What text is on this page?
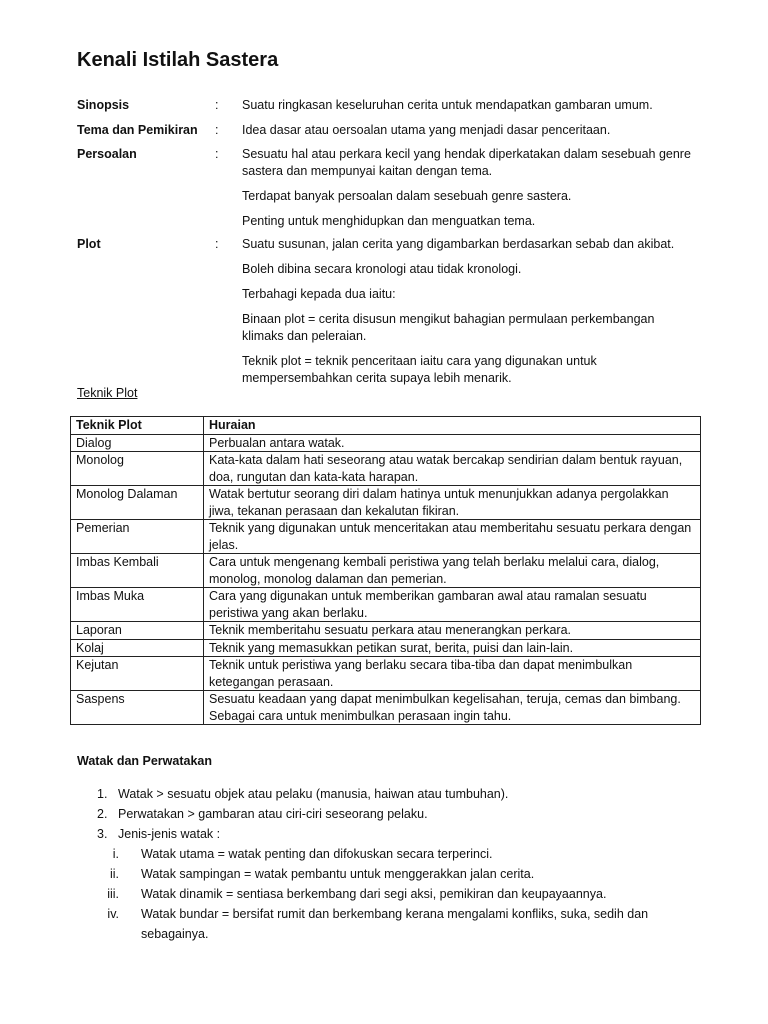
Kenali Istilah Sastera
Sinopsis	: Suatu ringkasan keseluruhan cerita untuk mendapatkan gambaran umum.

Tema dan Pemikiran : Idea dasar atau oersoalan utama yang menjadi dasar penceritaan.

Persoalan	: Sesuatu hal atau perkara kecil yang hendak diperkatakan dalam sesebuah genre sastera dan mempunyai kaitan dengan tema.

Terdapat banyak persoalan dalam sesebuah genre sastera.

Penting untuk menghidupkan dan menguatkan tema.

Plot	: Suatu susunan, jalan cerita yang digambarkan berdasarkan sebab dan akibat.

Boleh dibina secara kronologi atau tidak kronologi.

Terbahagi kepada dua iaitu:

Binaan plot = cerita disusun mengikut bahagian permulaan perkembangan klimaks dan peleraian.

Teknik plot = teknik penceritaan iaitu cara yang digunakan untuk mempersembahkan cerita supaya lebih menarik.

Teknik Plot
Teknik Plot	Huraian
Dialog	Perbualan antara watak.
Monolog	Kata-kata dalam hati seseorang atau watak bercakap sendirian dalam bentuk rayuan, doa, rungutan dan kata-kata harapan.
Monolog Dalaman	Watak bertutur seorang diri dalam hatinya untuk menunjukkan adanya pergolakkan jiwa, tekanan perasaan dan kekalutan fikiran.
Pemerian	Teknik yang digunakan untuk menceritakan atau memberitahu sesuatu perkara dengan jelas.
Imbas Kembali	Cara untuk mengenang kembali peristiwa yang telah berlaku melalui cara, dialog, monolog, monolog dalaman dan pemerian.
Imbas Muka	Cara yang digunakan untuk memberikan gambaran awal atau ramalan sesuatu peristiwa yang akan berlaku.
Laporan	Teknik memberitahu sesuatu perkara atau menerangkan perkara.
Kolaj	Teknik yang memasukkan petikan surat, berita, puisi dan lain-lain.
Kejutan	Teknik untuk peristiwa yang berlaku secara tiba-tiba dan dapat menimbulkan ketegangan perasaan.
Saspens	Sesuatu keadaan yang dapat menimbulkan kegelisahan, teruja, cemas dan bimbang. Sebagai cara untuk menimbulkan perasaan ingin tahu.
Watak dan Perwatakan
1. Watak > sesuatu objek atau pelaku (manusia, haiwan atau tumbuhan).
2. Perwatakan > gambaran atau ciri-ciri seseorang pelaku.
3. Jenis-jenis watak :
i. Watak utama = watak penting dan difokuskan secara terperinci.
ii. Watak sampingan = watak pembantu untuk menggerakkan jalan cerita.
iii. Watak dinamik = sentiasa berkembang dari segi aksi, pemikiran dan keupayaannya.
iv. Watak bundar = bersifat rumit dan berkembang kerana mengalami konfliks, suka, sedih dan sebagainya.
